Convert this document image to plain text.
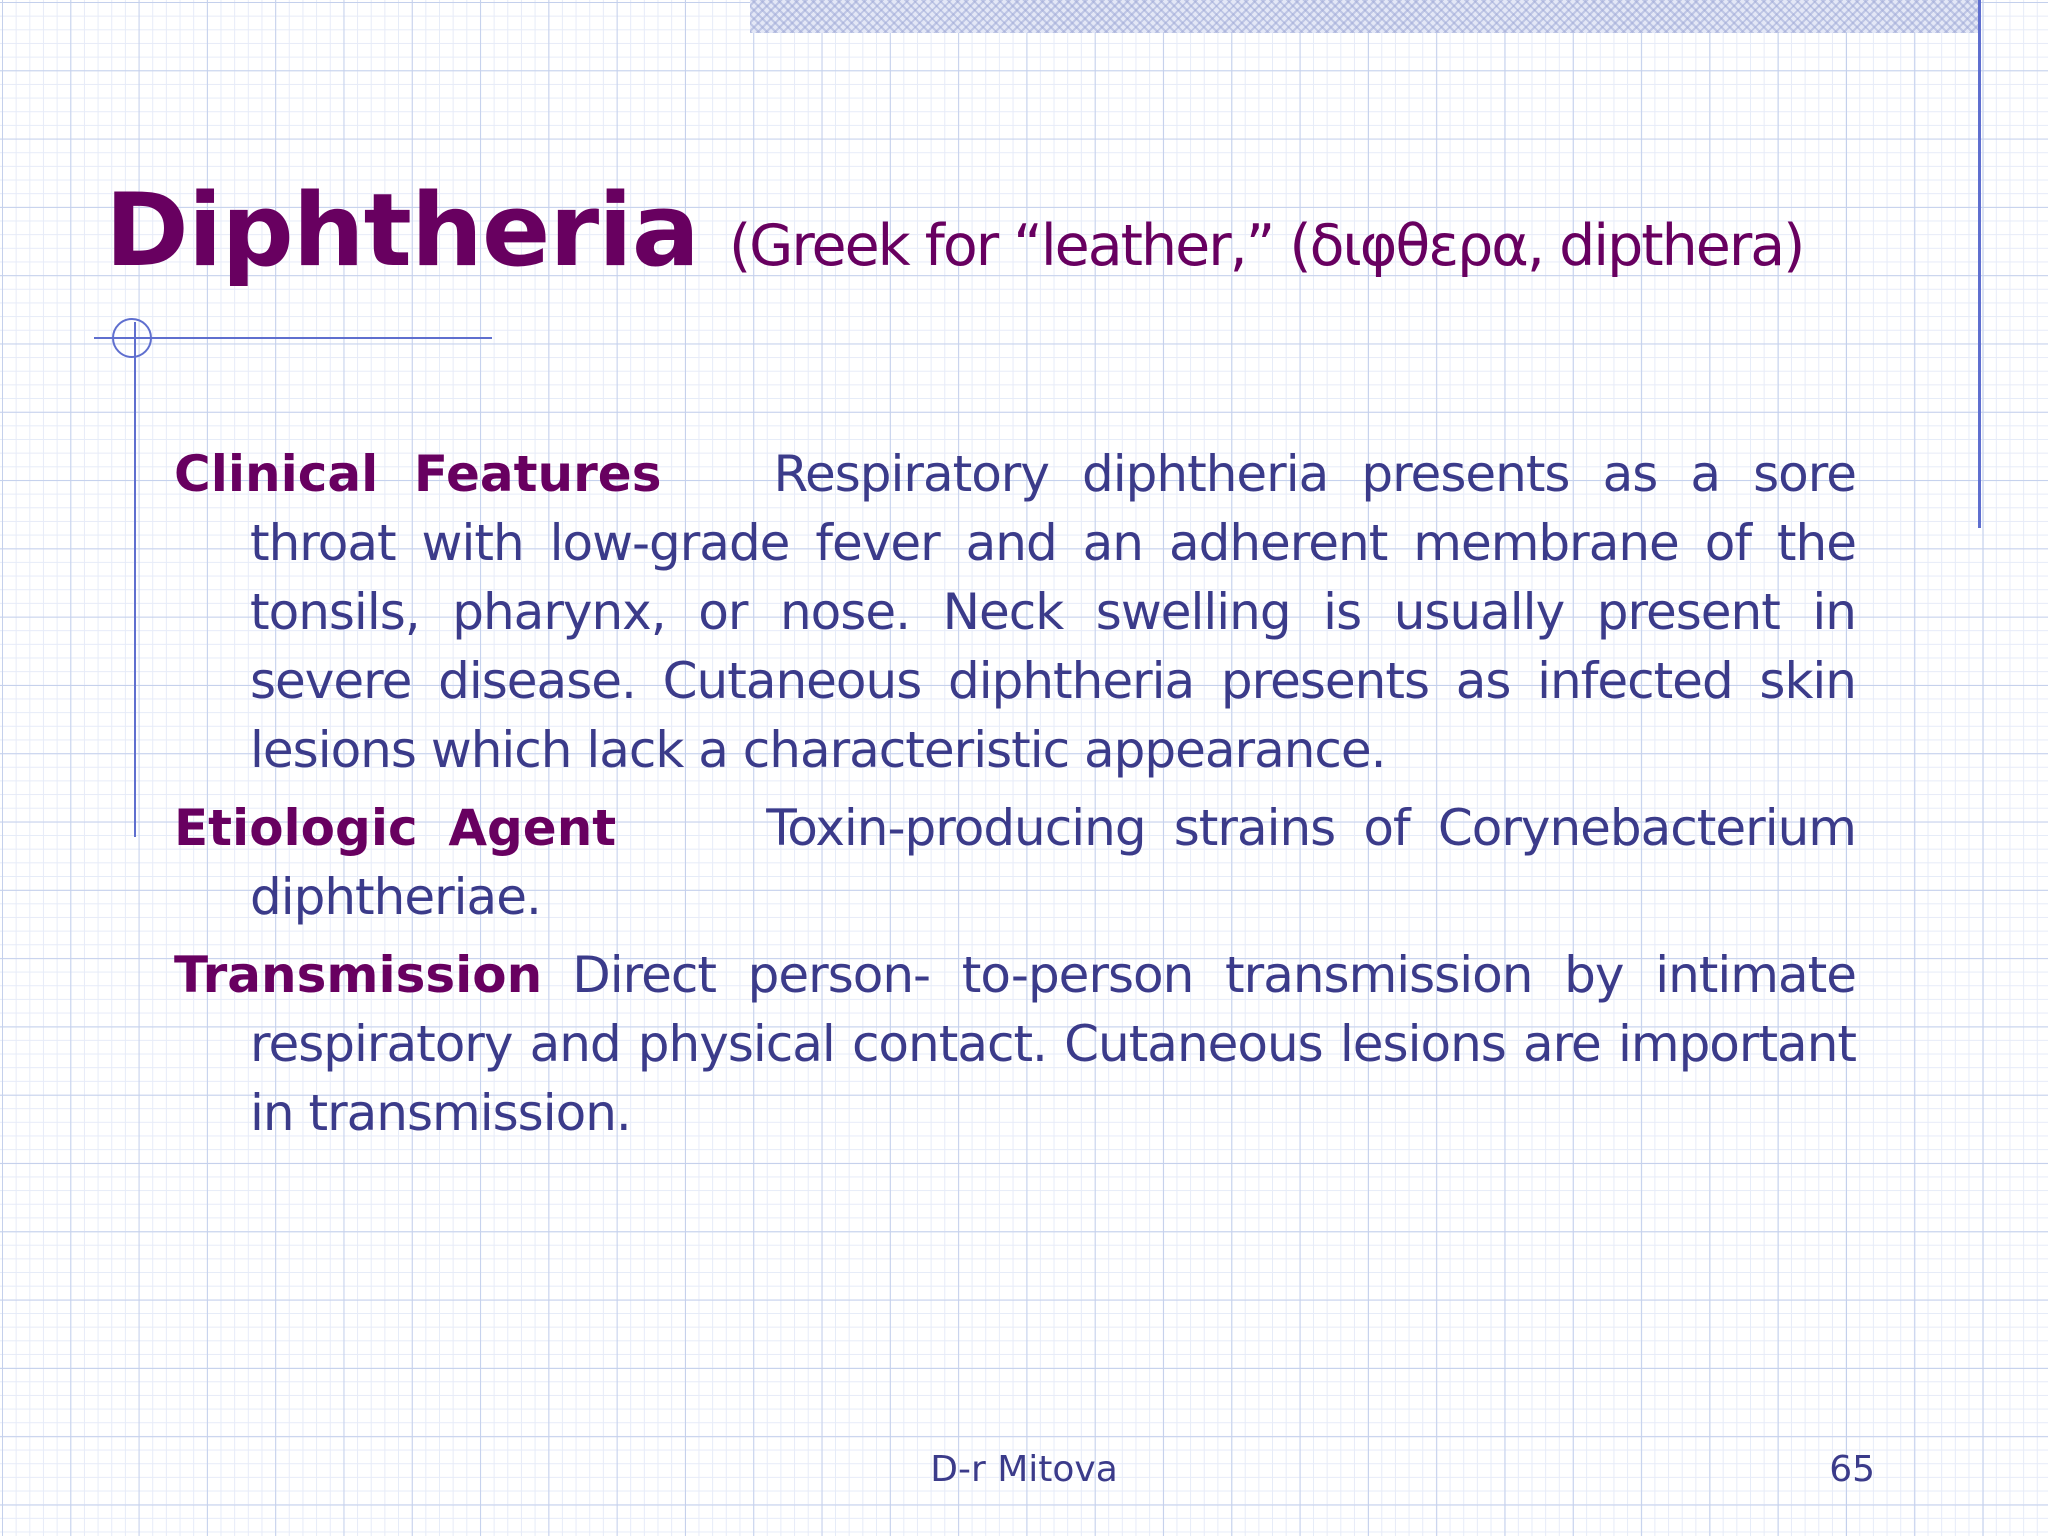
Diphtheria (Greek for “leather,” (διφθερα, dipthera)

Clinical Features Respiratory diphtheria presents as a sore throat with low-grade fever and an adherent membrane of the tonsils, pharynx, or nose. Neck swelling is usually present in severe disease. Cutaneous diphtheria presents as infected skin lesions which lack a characteristic appearance.

Etiologic Agent	Toxin-producing strains of Corynebacterium diphtheriae.

Transmission Direct person- to-person transmission by intimate respiratory and physical contact. Cutaneous lesions are important in transmission.

D-r Mitova	65
